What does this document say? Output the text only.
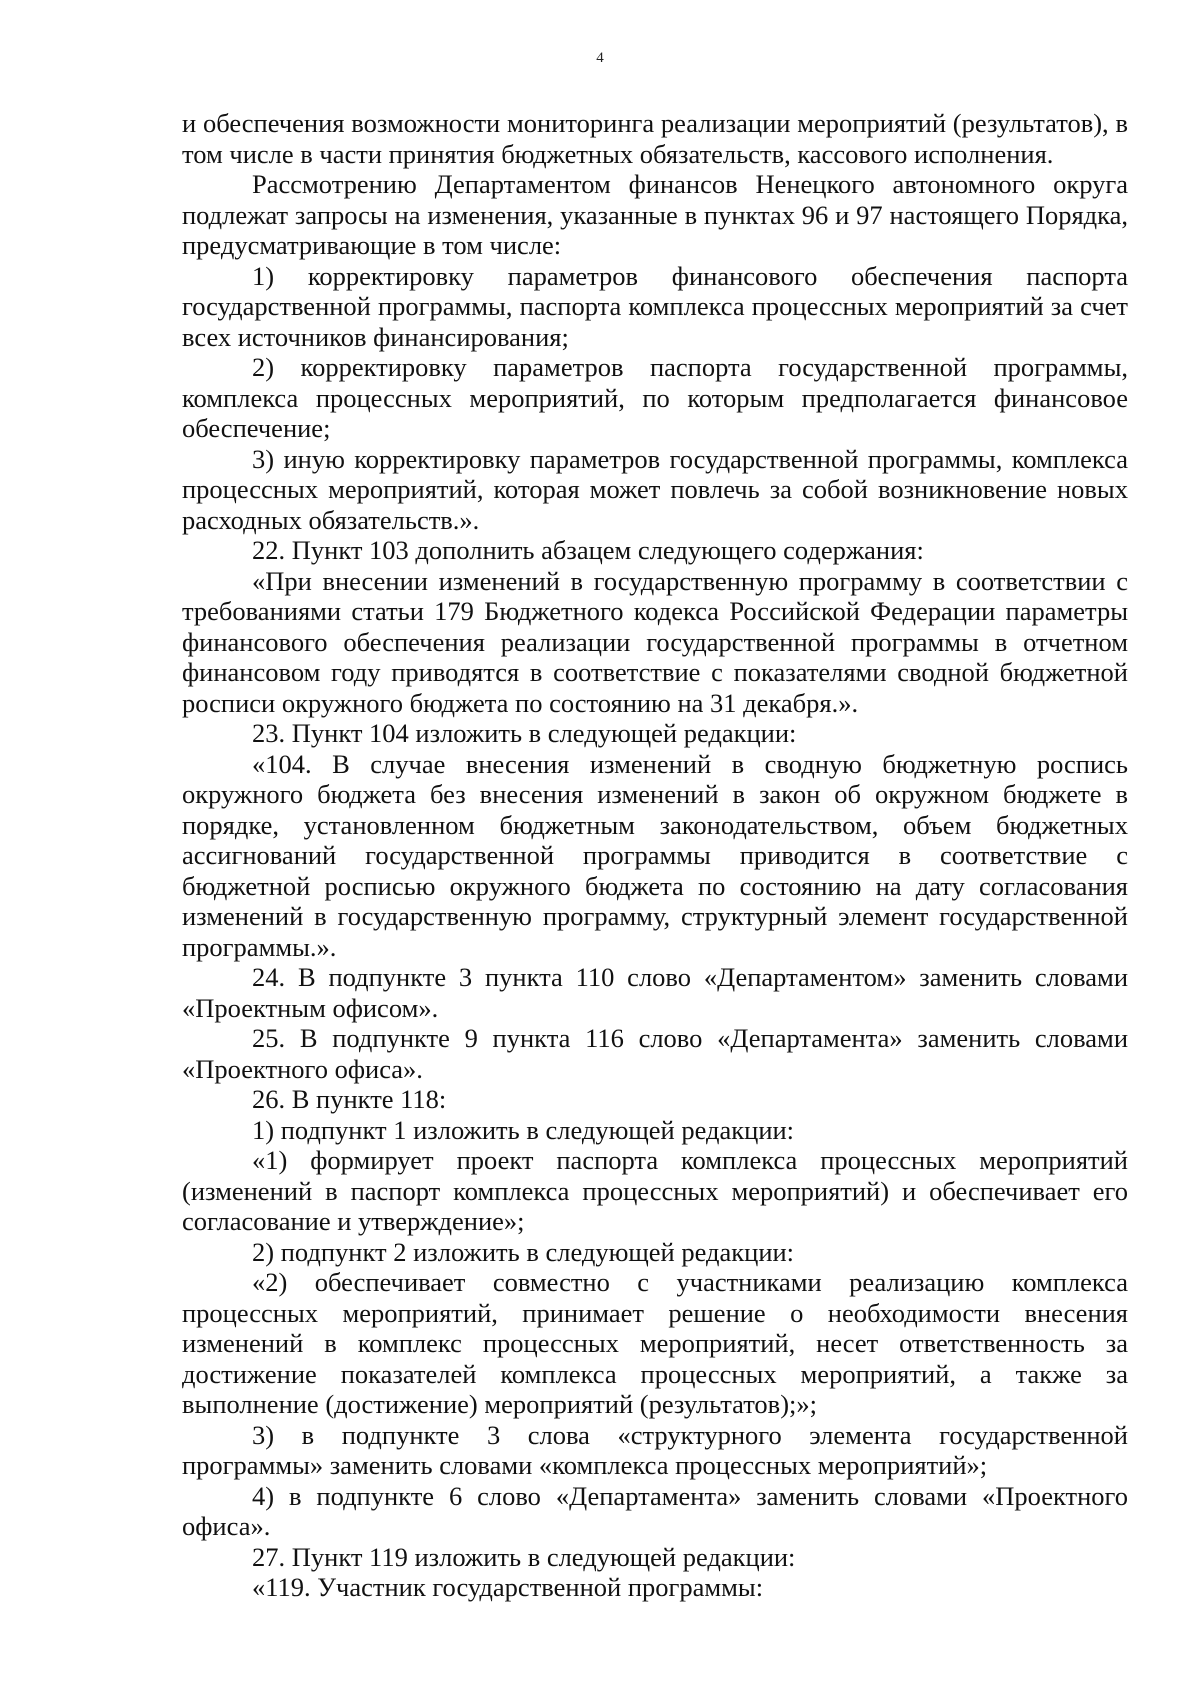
4

и обеспечения возможности мониторинга реализации мероприятий (результатов), в том числе в части принятия бюджетных обязательств, кассового исполнения.

Рассмотрению Департаментом финансов Ненецкого автономного округа подлежат запросы на изменения, указанные в пунктах 96 и 97 настоящего Порядка, предусматривающие в том числе:

1) корректировку параметров финансового обеспечения паспорта государственной программы, паспорта комплекса процессных мероприятий за счет всех источников финансирования;

2) корректировку параметров паспорта государственной программы, комплекса процессных мероприятий, по которым предполагается финансовое обеспечение;

3) иную корректировку параметров государственной программы, комплекса процессных мероприятий, которая может повлечь за собой возникновение новых расходных обязательств.».

22. Пункт 103 дополнить абзацем следующего содержания:

«При внесении изменений в государственную программу в соответствии с требованиями статьи 179 Бюджетного кодекса Российской Федерации параметры финансового обеспечения реализации государственной программы в отчетном финансовом году приводятся в соответствие с показателями сводной бюджетной росписи окружного бюджета по состоянию на 31 декабря.».

23. Пункт 104 изложить в следующей редакции:

«104. В случае внесения изменений в сводную бюджетную роспись окружного бюджета без внесения изменений в закон об окружном бюджете в порядке, установленном бюджетным законодательством, объем бюджетных ассигнований государственной программы приводится в соответствие с бюджетной росписью окружного бюджета по состоянию на дату согласования изменений в государственную программу, структурный элемент государственной программы.».

24. В подпункте 3 пункта 110 слово «Департаментом» заменить словами «Проектным офисом».

25. В подпункте 9 пункта 116 слово «Департамента» заменить словами «Проектного офиса».

26. В пункте 118:

1) подпункт 1 изложить в следующей редакции:

«1) формирует проект паспорта комплекса процессных мероприятий (изменений в паспорт комплекса процессных мероприятий) и обеспечивает его согласование и утверждение»;

2) подпункт 2 изложить в следующей редакции:

«2) обеспечивает совместно с участниками реализацию комплекса процессных мероприятий, принимает решение о необходимости внесения изменений в комплекс процессных мероприятий, несет ответственность за достижение показателей комплекса процессных мероприятий, а также за выполнение (достижение) мероприятий (результатов);»;

3) в подпункте 3 слова «структурного элемента государственной программы» заменить словами «комплекса процессных мероприятий»;

4) в подпункте 6 слово «Департамента» заменить словами «Проектного офиса».

27. Пункт 119 изложить в следующей редакции:

«119. Участник государственной программы:
